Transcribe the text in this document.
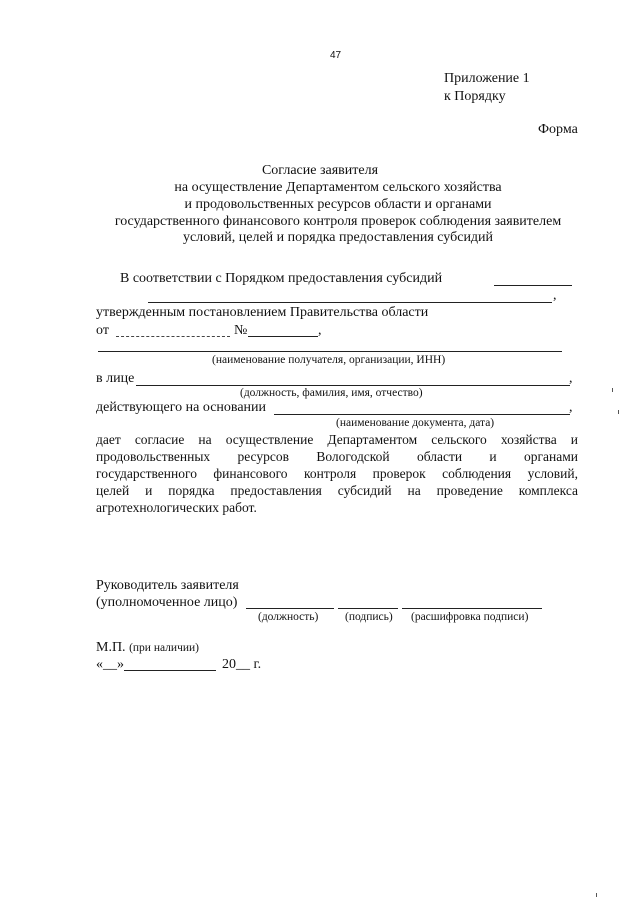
47
Приложение 1
к Порядку
Форма
Согласие заявителя
на осуществление Департаментом сельского хозяйства
и продовольственных ресурсов области и органами
государственного финансового контроля проверок соблюдения заявителем
условий, целей и порядка предоставления субсидий
В соответствии с Порядком предоставления субсидий
,
утвержденным постановлением Правительства области
от	№	,
(наименование получателя, организации, ИНН)
в лице	,
(должность, фамилия, имя, отчество)
действующего на основании	,
(наименование документа, дата)
дает согласие на осуществление Департаментом сельского хозяйства и
продовольственных ресурсов Вологодской области и органами
государственного финансового контроля проверок соблюдения условий,
целей и порядка предоставления субсидий на проведение комплекса
агротехнологических работ.
Руководитель заявителя
(уполномоченное лицо)
(должность) (подпись) (расшифровка подписи)
М.П. (при наличии)
«__»	20__ г.
